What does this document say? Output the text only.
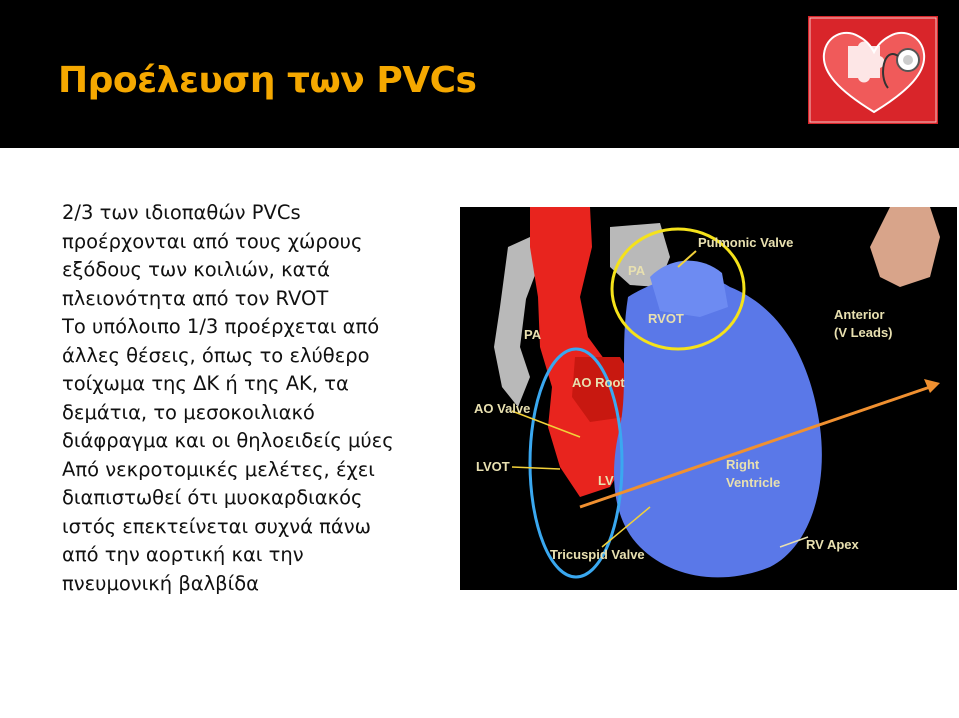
Προέλευση των PVCs
2/3 των ιδιοπαθών PVCs
προέρχονται από τους χώρους
εξόδους των κοιλιών, κατά
πλειονότητα από τον RVOT
Το υπόλοιπο 1/3 προέρχεται από
άλλες θέσεις, όπως το ελύθερο
τοίχωμα της ΔΚ ή της ΑΚ, τα
δεμάτια, το μεσοκοιλιακό
διάφραγμα και οι θηλοειδείς μύες
Από νεκροτομικές μελέτες, έχει
διαπιστωθεί ότι μυοκαρδιακός
ιστός επεκτείνεται συχνά πάνω
από την αορτική και την
πνευμονική βαλβίδα
Pulmonic Valve
PA
PA
RVOT	Anterior
(V Leads)
AO Root
AO Valve
LVOT
LV
Right
Ventricle
Tricuspid Valve
RV Apex
